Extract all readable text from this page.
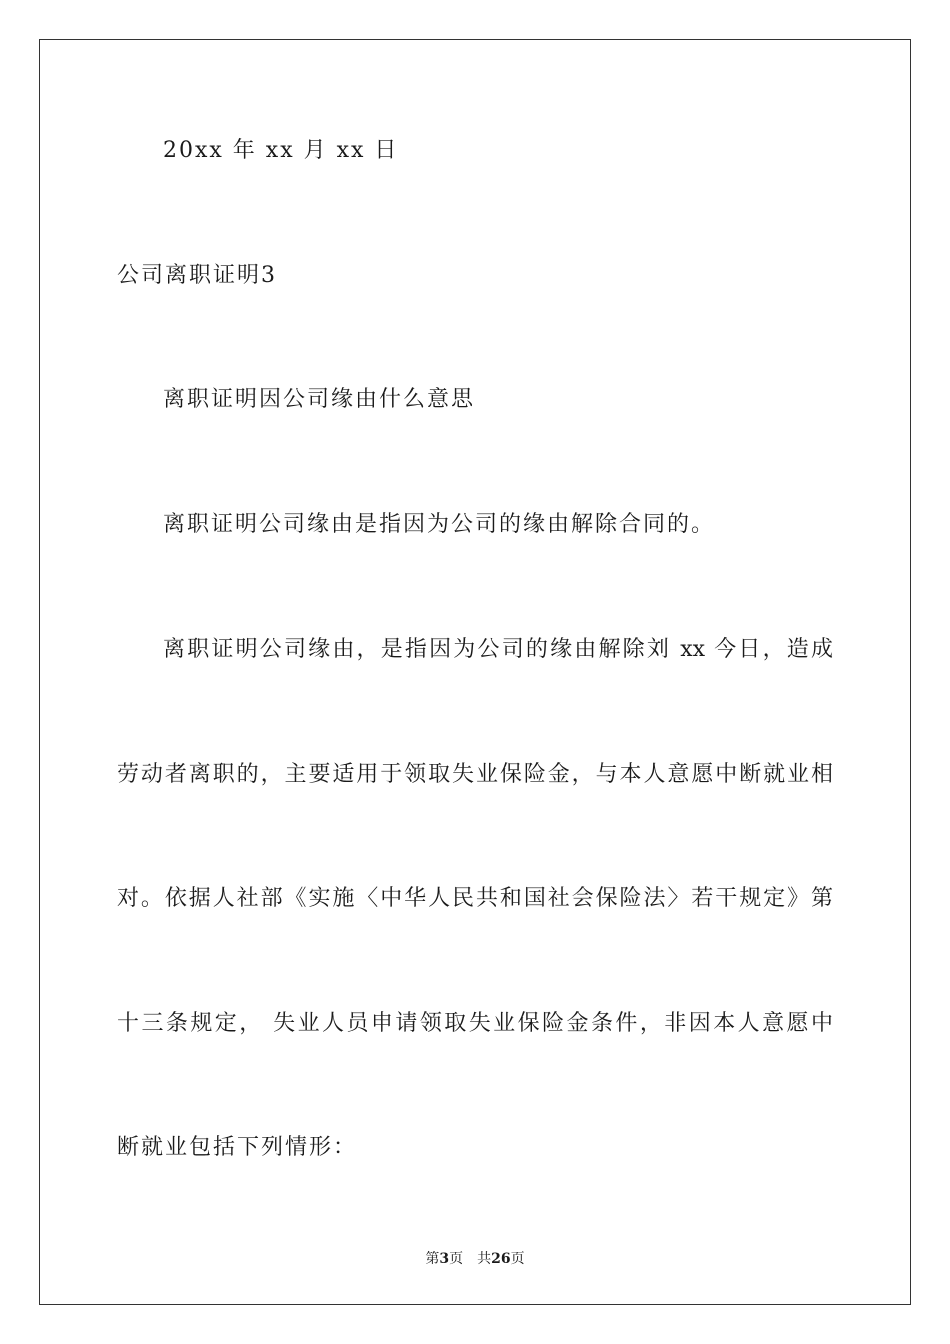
20xx 年 xx 月 xx 日
公司离职证明3
离职证明因公司缘由什么意思
离职证明公司缘由是指因为公司的缘由解除合同的。
离职证明公司缘由，是指因为公司的缘由解除刘 xx 今日，造成
劳动者离职的，主要适用于领取失业保险金，与本人意愿中断就业相
对。依据人社部《实施〈中华人民共和国社会保险法〉若干规定》第
十三条规定， 失业人员申请领取失业保险金条件，非因本人意愿中
断就业包括下列情形：
第3页 共26页
